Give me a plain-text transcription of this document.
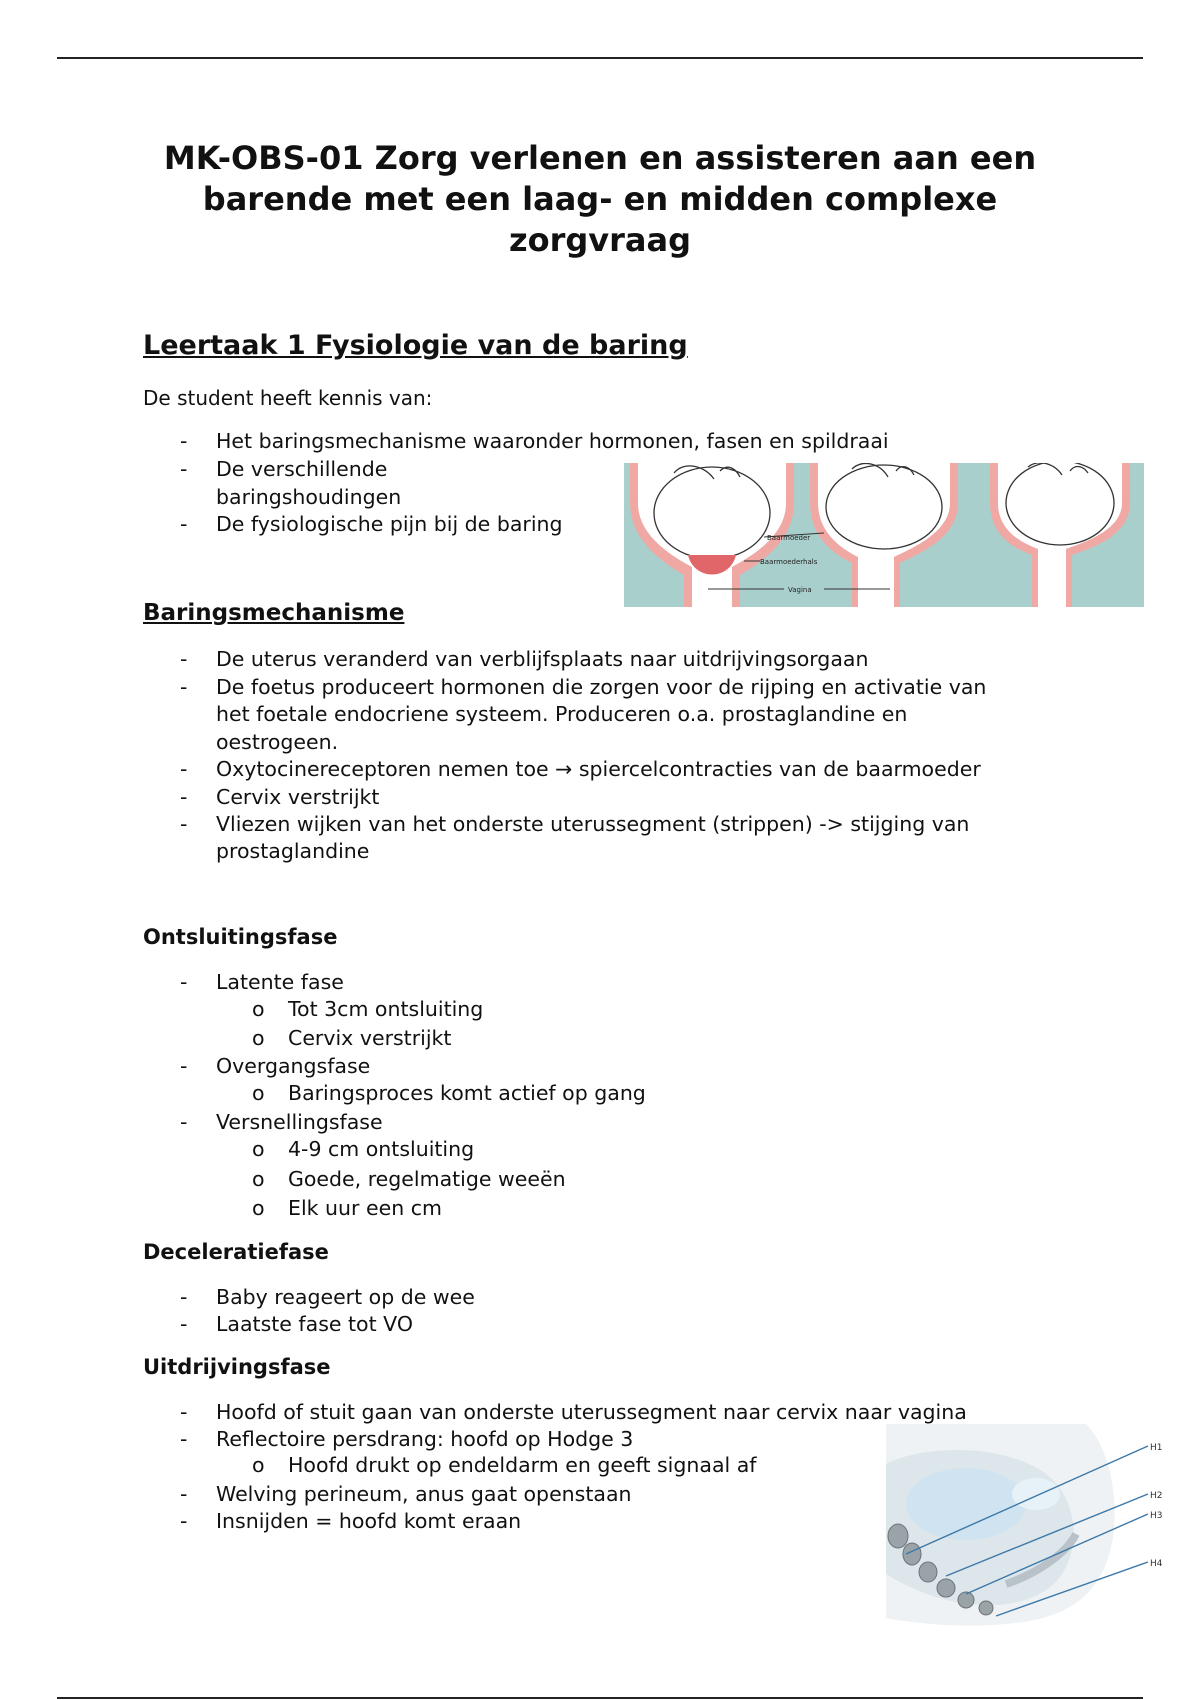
MK-OBS-01 Zorg verlenen en assisteren aan een
barende met een laag- en midden complexe
zorgvraag
Leertaak 1 Fysiologie van de baring
De student heeft kennis van:
- Het baringsmechanisme waaronder hormonen, fasen en spildraai
- De verschillende
baringshoudingen
- De fysiologische pijn bij de baring
Baarmoeder
Baarmoederhals
Vagina
Baringsmechanisme
- De uterus veranderd van verblijfsplaats naar uitdrijvingsorgaan
- De foetus produceert hormonen die zorgen voor de rijping en activatie van
het foetale endocriene systeem. Produceren o.a. prostaglandine en
oestrogeen.
- Oxytocinereceptoren nemen toe → spiercelcontracties van de baarmoeder
- Cervix verstrijkt
- Vliezen wijken van het onderste uterussegment (strippen) -> stijging van
prostaglandine
Ontsluitingsfase
- Latente fase
o Tot 3cm ontsluiting
o Cervix verstrijkt
- Overgangsfase
o Baringsproces komt actief op gang
- Versnellingsfase
o 4-9 cm ontsluiting
o Goede, regelmatige weeën
o Elk uur een cm
Deceleratiefase
- Baby reageert op de wee
- Laatste fase tot VO
Uitdrijvingsfase
- Hoofd of stuit gaan van onderste uterussegment naar cervix naar vagina
- Reflectoire persdrang: hoofd op Hodge 3
o Hoofd drukt op endeldarm en geeft signaal af
- Welving perineum, anus gaat openstaan
- Insnijden = hoofd komt eraan
H1
H2
H3
H4
